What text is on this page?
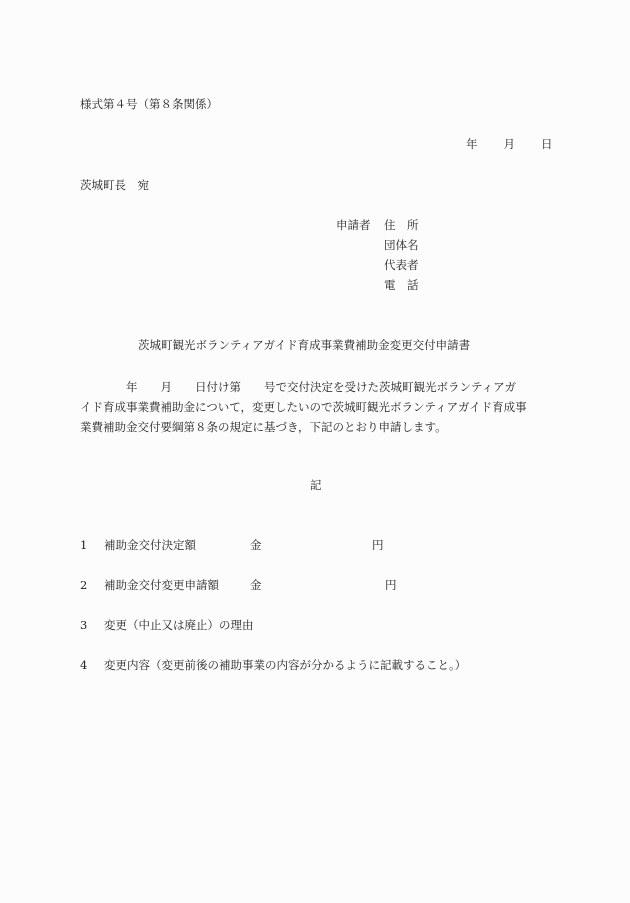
様式第４号（第８条関係）
年 月 日
茨城町長　宛
申請者 住　所
団体名
代表者
電　話
茨城町観光ボランティアガイド育成事業費補助金変更交付申請書
　　　　年　　月　　日付け第　　号で交付決定を受けた茨城町観光ボランティアガ
イド育成事業費補助金について，変更したいので茨城町観光ボランティアガイド育成事
業費補助金交付要綱第８条の規定に基づき，下記のとおり申請します。
記
1 補助金交付決定額	金	円
2 補助金交付変更申請額	金	円
3 変更（中止又は廃止）の理由
4 変更内容（変更前後の補助事業の内容が分かるように記載すること。）
